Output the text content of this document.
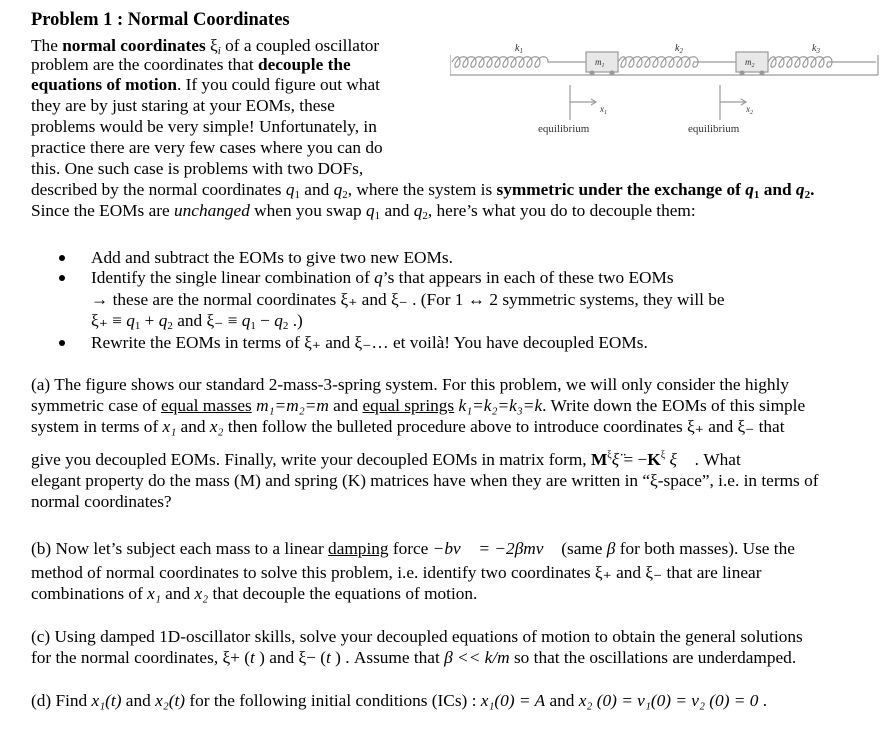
Problem 1 : Normal Coordinates
The normal coordinates $\xi_i$ of a coupled oscillator
problem are the coordinates that decouple the
equations of motion. If you could figure out what
they are by just staring at your EOMs, these
problems would be very simple! Unfortunately, in
practice there are very few cases where you can do
this. One such case is problems with two DOFs,
described by the normal coordinates $q_1$ and $q_2$, where the system is symmetric under the exchange of $q_1$ and $q_2$.
Since the EOMs are unchanged when you swap $q_1$ and $q_2$, here’s what you do to decouple them:
Add and subtract the EOMs to give two new EOMs.
Identify the single linear combination of q’s that appears in each of these two EOMs
→ these are the normal coordinates ξ₊ and ξ₋ . (For 1 ↔ 2 symmetric systems, they will be
$\xi_+ \equiv q_1 + q_2$ and $\xi_- \equiv q_1 - q_2$ .)
Rewrite the EOMs in terms of ξ₊ and ξ₋… et voilà! You have decoupled EOMs.
(a) The figure shows our standard 2-mass-3-spring system. For this problem, we will only consider the highly
symmetric case of equal masses m₁=m₂=m and equal springs k₁=k₂=k₃=k. Write down the EOMs of this simple
system in terms of x₁ and x₂ then follow the bulleted procedure above to introduce coordinates ξ₊ and ξ₋ that
give you decoupled EOMs. Finally, write your decoupled EOMs in matrix form, $M^\xi\xï = -K^\xi$ ξ⃗ . What
elegant property do the mass (M) and spring (K) matrices have when they are written in “ξ-space”, i.e. in terms of
normal coordinates?
(b) Now let’s subject each mass to a linear damping force −bv⃗ = −2βmv⃗ (same β for both masses). Use the
method of normal coordinates to solve this problem, i.e. identify two coordinates ξ₊ and ξ₋ that are linear
combinations of x₁ and x₂ that decouple the equations of motion.
(c) Using damped 1D-oscillator skills, solve your decoupled equations of motion to obtain the general solutions
for the normal coordinates, ξ+ (t ) and ξ− (t ) . Assume that β << k/m so that the oscillations are underdamped.
(d) Find x₁(t) and x₂(t) for the following initial conditions (ICs) : x₁(0) = A and x₂ (0) = v₁(0) = v₂ (0) = 0 .
$k_1$	$k_2$	$k_3$
$m_1$	$m_2$
$x_1$	$x_2$
equilibrium	equilibrium
